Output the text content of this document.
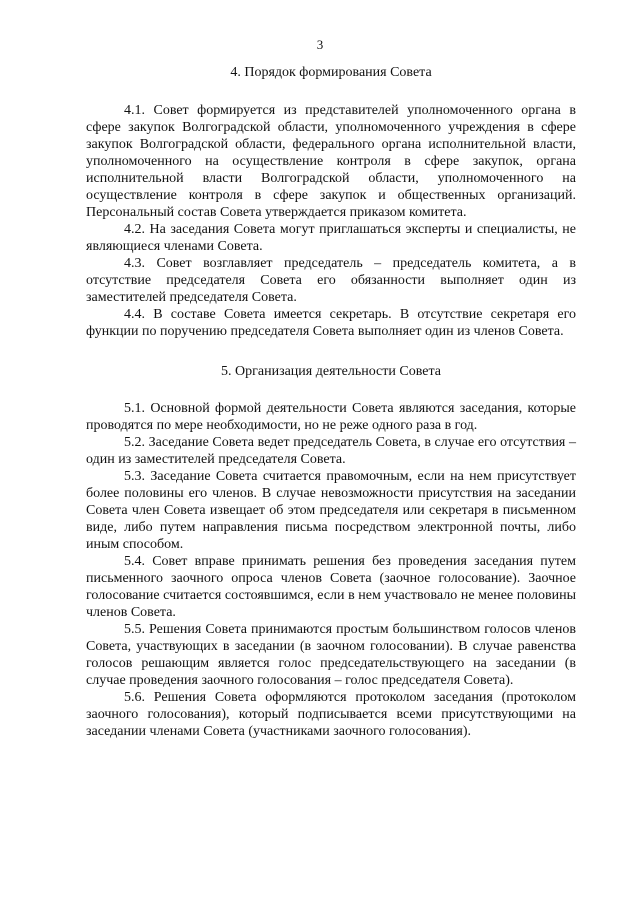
3
4. Порядок формирования Совета

4.1. Совет формируется из представителей уполномоченного органа в сфере закупок Волгоградской области, уполномоченного учреждения в сфере закупок Волгоградской области, федерального органа исполнительной власти, уполномоченного на осуществление контроля в сфере закупок, органа исполнительной власти Волгоградской области, уполномоченного на осуществление контроля в сфере закупок и общественных организаций. Персональный состав Совета утверждается приказом комитета.

4.2. На заседания Совета могут приглашаться эксперты и специалисты, не являющиеся членами Совета.

4.3. Совет возглавляет председатель – председатель комитета, а в отсутствие председателя Совета его обязанности выполняет один из заместителей председателя Совета.

4.4. В составе Совета имеется секретарь. В отсутствие секретаря его функции по поручению председателя Совета выполняет один из членов Совета.

5. Организация деятельности Совета

5.1. Основной формой деятельности Совета являются заседания, которые проводятся по мере необходимости, но не реже одного раза в год.

5.2. Заседание Совета ведет председатель Совета, в случае его отсутствия – один из заместителей председателя Совета.

5.3. Заседание Совета считается правомочным, если на нем присутствует более половины его членов. В случае невозможности присутствия на заседании Совета член Совета извещает об этом председателя или секретаря в письменном виде, либо путем направления письма посредством электронной почты, либо иным способом.

5.4. Совет вправе принимать решения без проведения заседания путем письменного заочного опроса членов Совета (заочное голосование). Заочное голосование считается состоявшимся, если в нем участвовало не менее половины членов Совета.

5.5. Решения Совета принимаются простым большинством голосов членов Совета, участвующих в заседании (в заочном голосовании). В случае равенства голосов решающим является голос председательствующего на заседании (в случае проведения заочного голосования – голос председателя Совета).

5.6. Решения Совета оформляются протоколом заседания (протоколом заочного голосования), который подписывается всеми присутствующими на заседании членами Совета (участниками заочного голосования).
